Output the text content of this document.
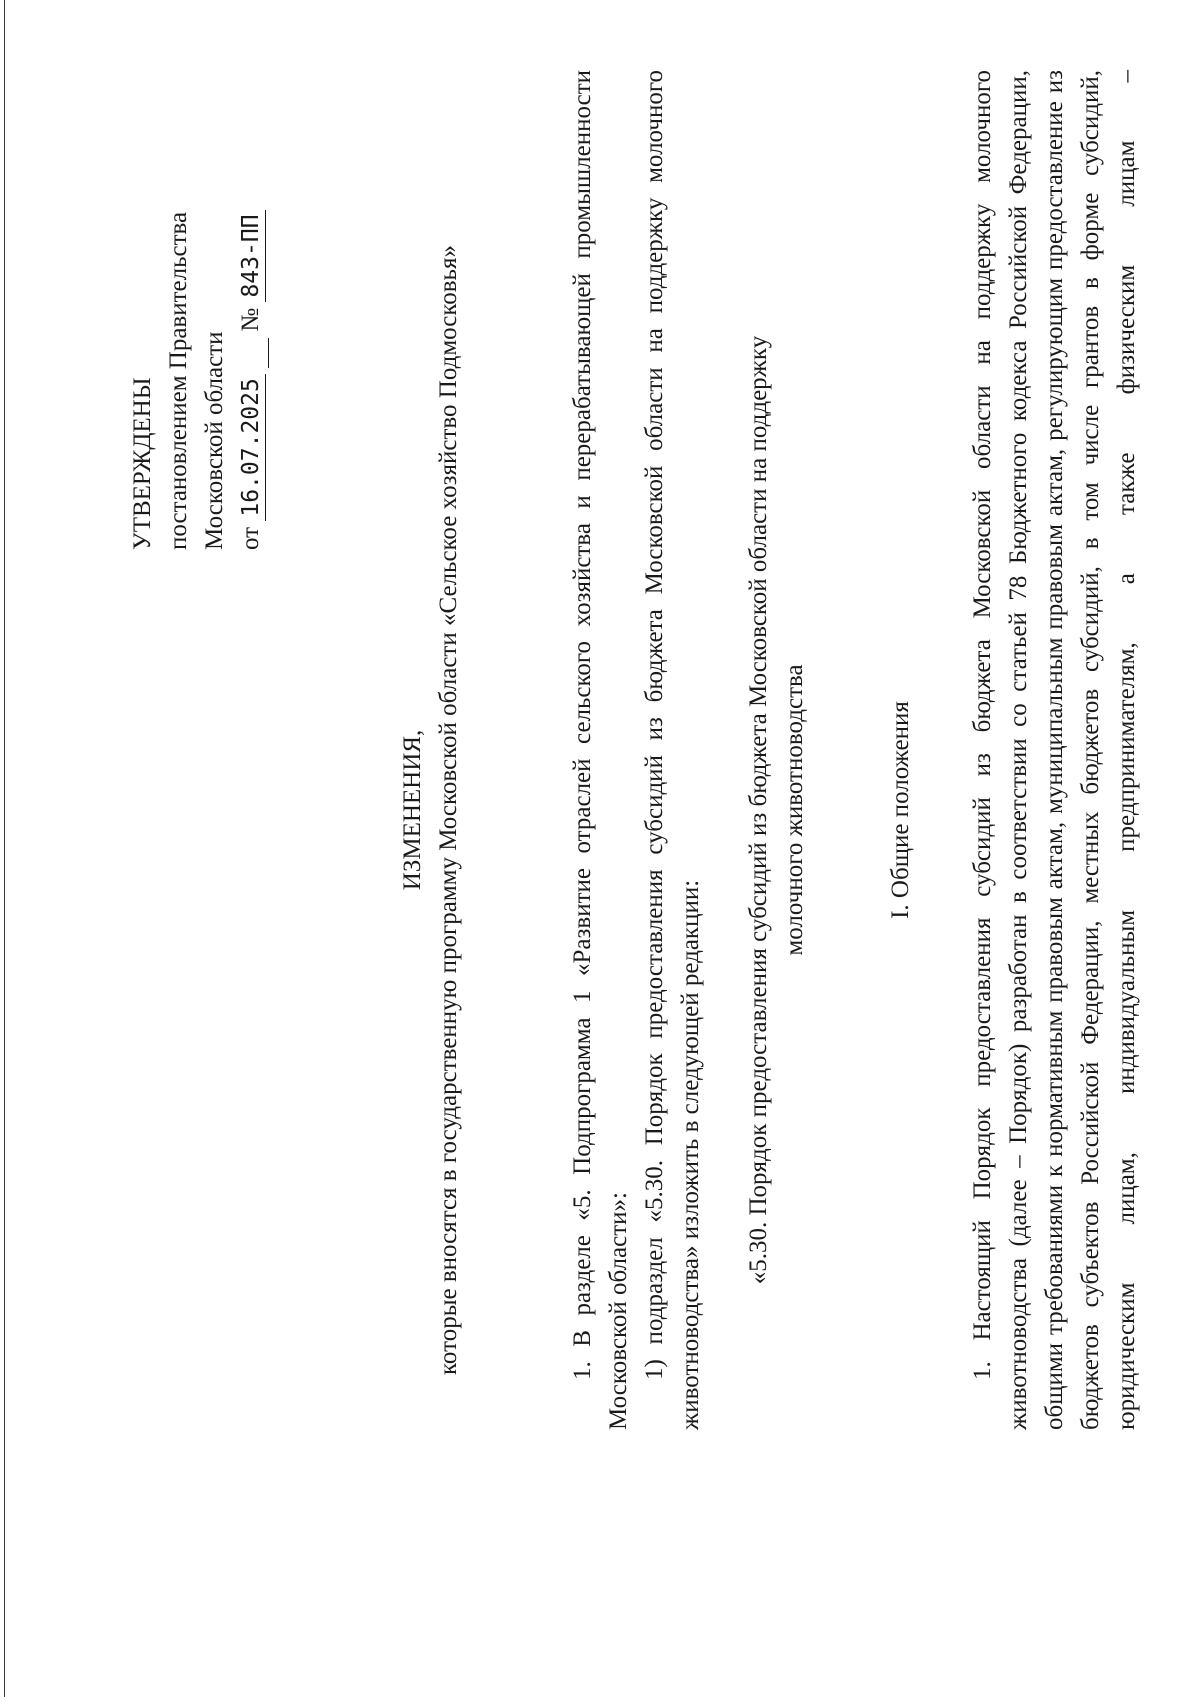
УТВЕРЖДЕНЫ постановлением Правительства Московской области от 16.07.2025  № 843-ПП
ИЗМЕНЕНИЯ, которые вносятся в государственную программу Московской области «Сельское хозяйство Подмосковья»	1. В разделе «5. Подпрограмма 1 «Развитие отраслей сельского хозяйства и перерабатывающей промышленности Московской области»: 1) подраздел «5.30. Порядок предоставления субсидий из бюджета Московской области на поддержку молочного животноводства» изложить в следующей редакции: «5.30. Порядок предоставления субсидий из бюджета Московской области на поддержку молочного животноводства	I. Общие положения 1. Настоящий Порядок предоставления субсидий из бюджета Московской области на поддержку молочного животноводства (далее – Порядок) разработан в соответствии со статьей 78 Бюджетного кодекса Российской Федерации, общими требованиями к нормативным правовым актам, муниципальным правовым актам, регулирующим предоставление из бюджетов субъектов Российской Федерации, местных бюджетов субсидий, в том числе грантов в форме субсидий, юридическим лицам, индивидуальным предпринимателям, а также физическим лицам –
